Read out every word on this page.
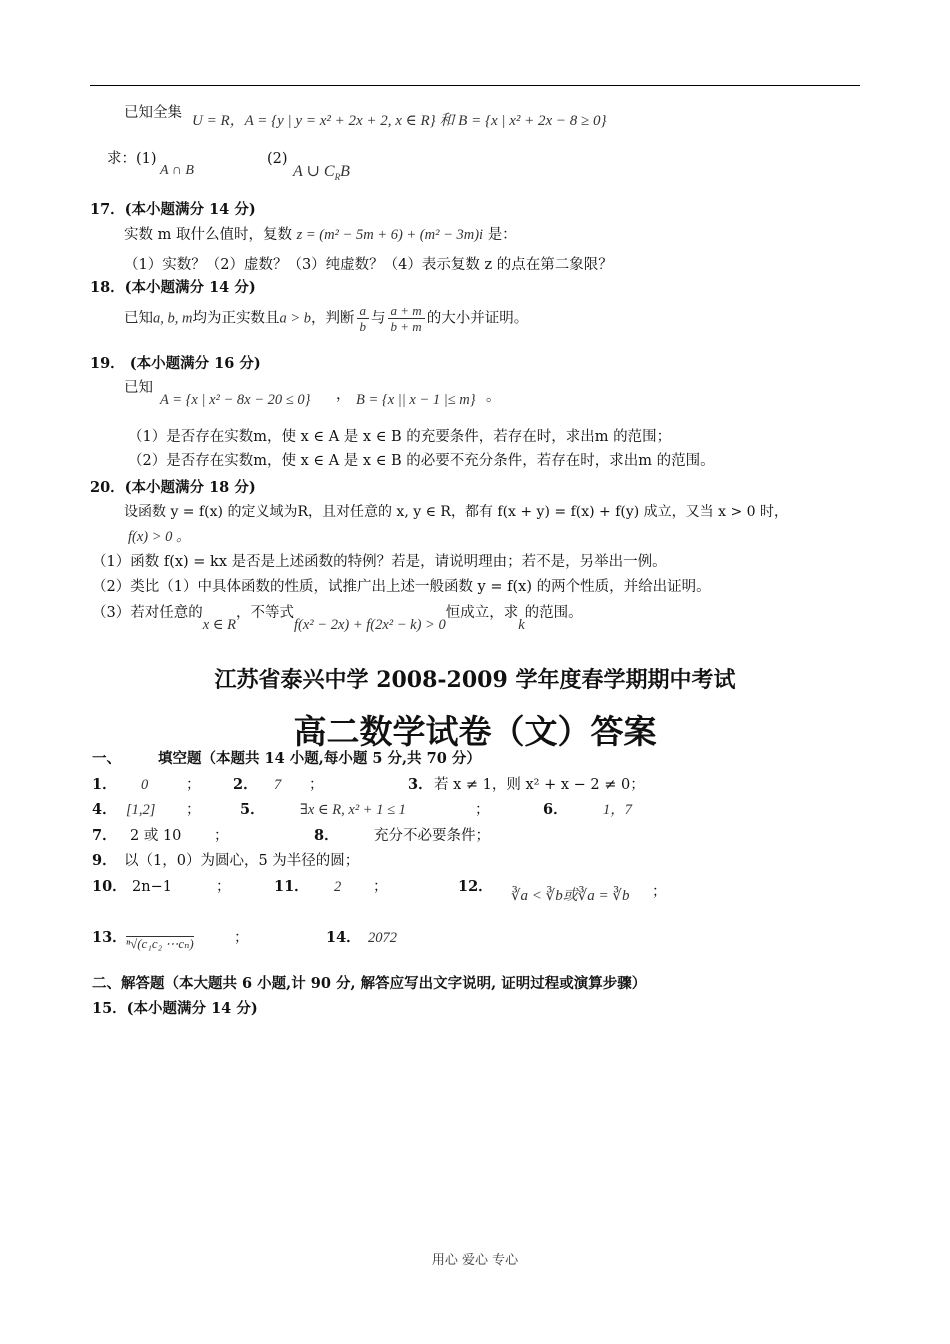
已知全集 U = R，A = {y | y = x² + 2x + 2, x ∈ R} 和 B = {x | x² + 2x − 8 ≥ 0}
求：(1)
A ∩ B
(2)
A ∪ $C_RB$
17．(本小题满分 14 分)
实数 m 取什么值时，复数 z = (m² − 5m + 6) + (m² − 3m)i 是：
（1）实数？（2）虚数？（3）纯虚数？（4）表示复数 z 的点在第二象限？
18．(本小题满分 14 分)
已知a, b, m均为正实数且a > b，判断 $\frac{a}{b}$ 与 $\frac{a + m}{b + m}$ 的大小并证明。
19． (本小题满分 16 分)
已知
A = {x | x² − 8x − 20 ≤ 0} ， B = {x || x − 1 |≤ m} 。
（1）是否存在实数m，使 x ∈ A 是 x ∈ B 的充要条件，若存在时，求出m 的范围；
（2）是否存在实数m，使 x ∈ A 是 x ∈ B 的必要不充分条件，若存在时，求出m 的范围。
20．(本小题满分 18 分)
设函数 y = f(x) 的定义域为R，且对任意的 x, y ∈ R，都有 f(x + y) = f(x) + f(y) 成立，又当 x > 0 时，
f(x) > 0 。
（1）函数 f(x) = kx 是否是上述函数的特例？若是，请说明理由；若不是，另举出一例。
（2）类比（1）中具体函数的性质，试推广出上述一般函数 y = f(x) 的两个性质，并给出证明。
（3）若对任意的x ∈ R，不等式f(x² − 2x) + f(2x² − k) > 0恒成立，求k的范围。
江苏省泰兴中学 2008-2009 学年度春学期期中考试
高二数学试卷（文）答案
一、	填空题（本题共 14 小题,每小题 5 分,共 70 分）
1． 0	； 2． 7 ；	3． 若 x ≠ 1，则 x² + x − 2 ≠ 0；
4． [1,2] ；	5． ∃x ∈ R, x² + 1 ≤ 1	；	6． 1，7
7． 2 或 10 ；	8． 充分不必要条件；
9． 以（1，0）为圆心，5 为半径的圆；
10． 2n−1	；	11． 2 ；	12．
∛a < ∛b或∛a = ∛b ；
13． ⁿ√(c₁c₂ ⋯cₙ)	；	14． 2072
二、解答题（本大题共 6 小题,计 90 分, 解答应写出文字说明, 证明过程或演算步骤）
15．(本小题满分 14 分)
用心 爱心 专心
